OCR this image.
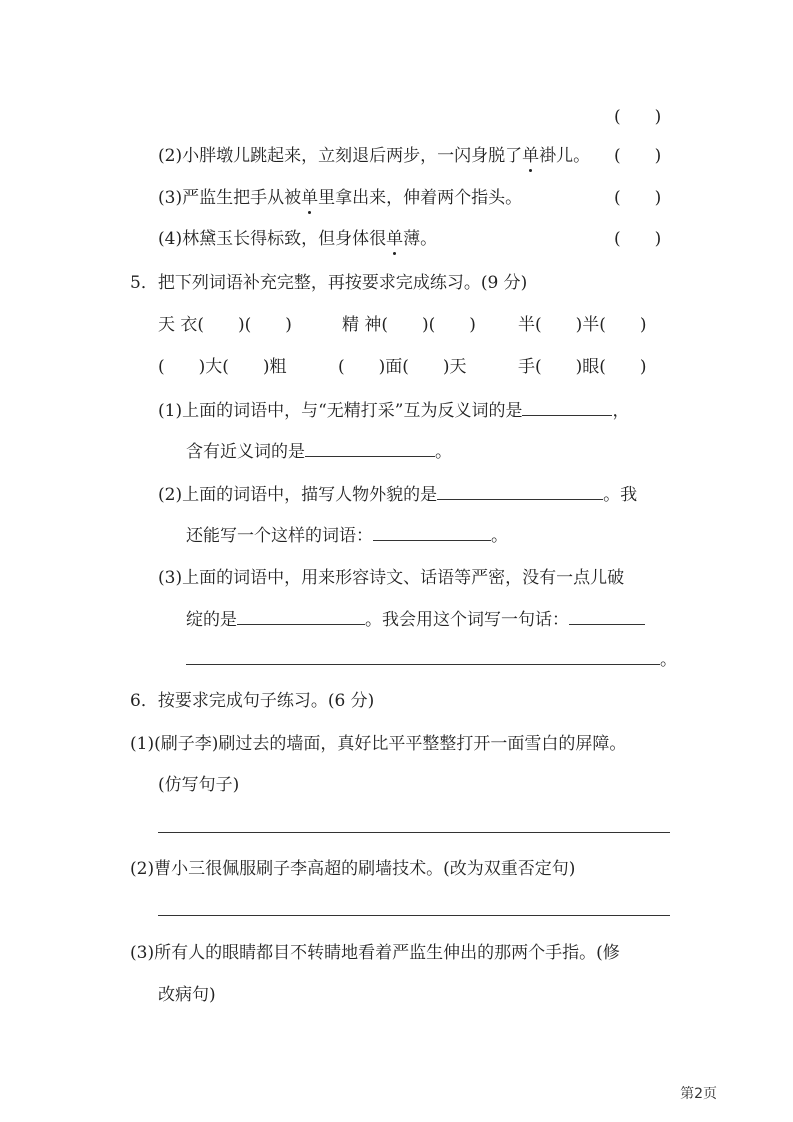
(　　)
(2)小胖墩儿跳起来，立刻退后两步，一闪身脱了单褂儿。 (　　)
(3)严监生把手从被单里拿出来，伸着两个指头。	(　　)
(4)林黛玉长得标致，但身体很单薄。	(　　)
5．把下列词语补充完整，再按要求完成练习。(9 分)
天 衣(　　)(　　)	精 神(　　)(　　) 半(　　)半(　　)
(　　)大(　　)粗	(　　)面(　　)天	手(　　)眼(　　)
(1)上面的词语中，与“无精打采”互为反义词的是	，
含有近义词的是	。
(2)上面的词语中，描写人物外貌的是	。我
还能写一个这样的词语：	。
(3)上面的词语中，用来形容诗文、话语等严密，没有一点儿破
绽的是	。我会用这个词写一句话：
。
6．按要求完成句子练习。(6 分)
(1)(刷子李)刷过去的墙面，真好比平平整整打开一面雪白的屏障。
(仿写句子)
(2)曹小三很佩服刷子李高超的刷墙技术。(改为双重否定句)
(3)所有人的眼睛都目不转睛地看着严监生伸出的那两个手指。(修
改病句)
第2页
